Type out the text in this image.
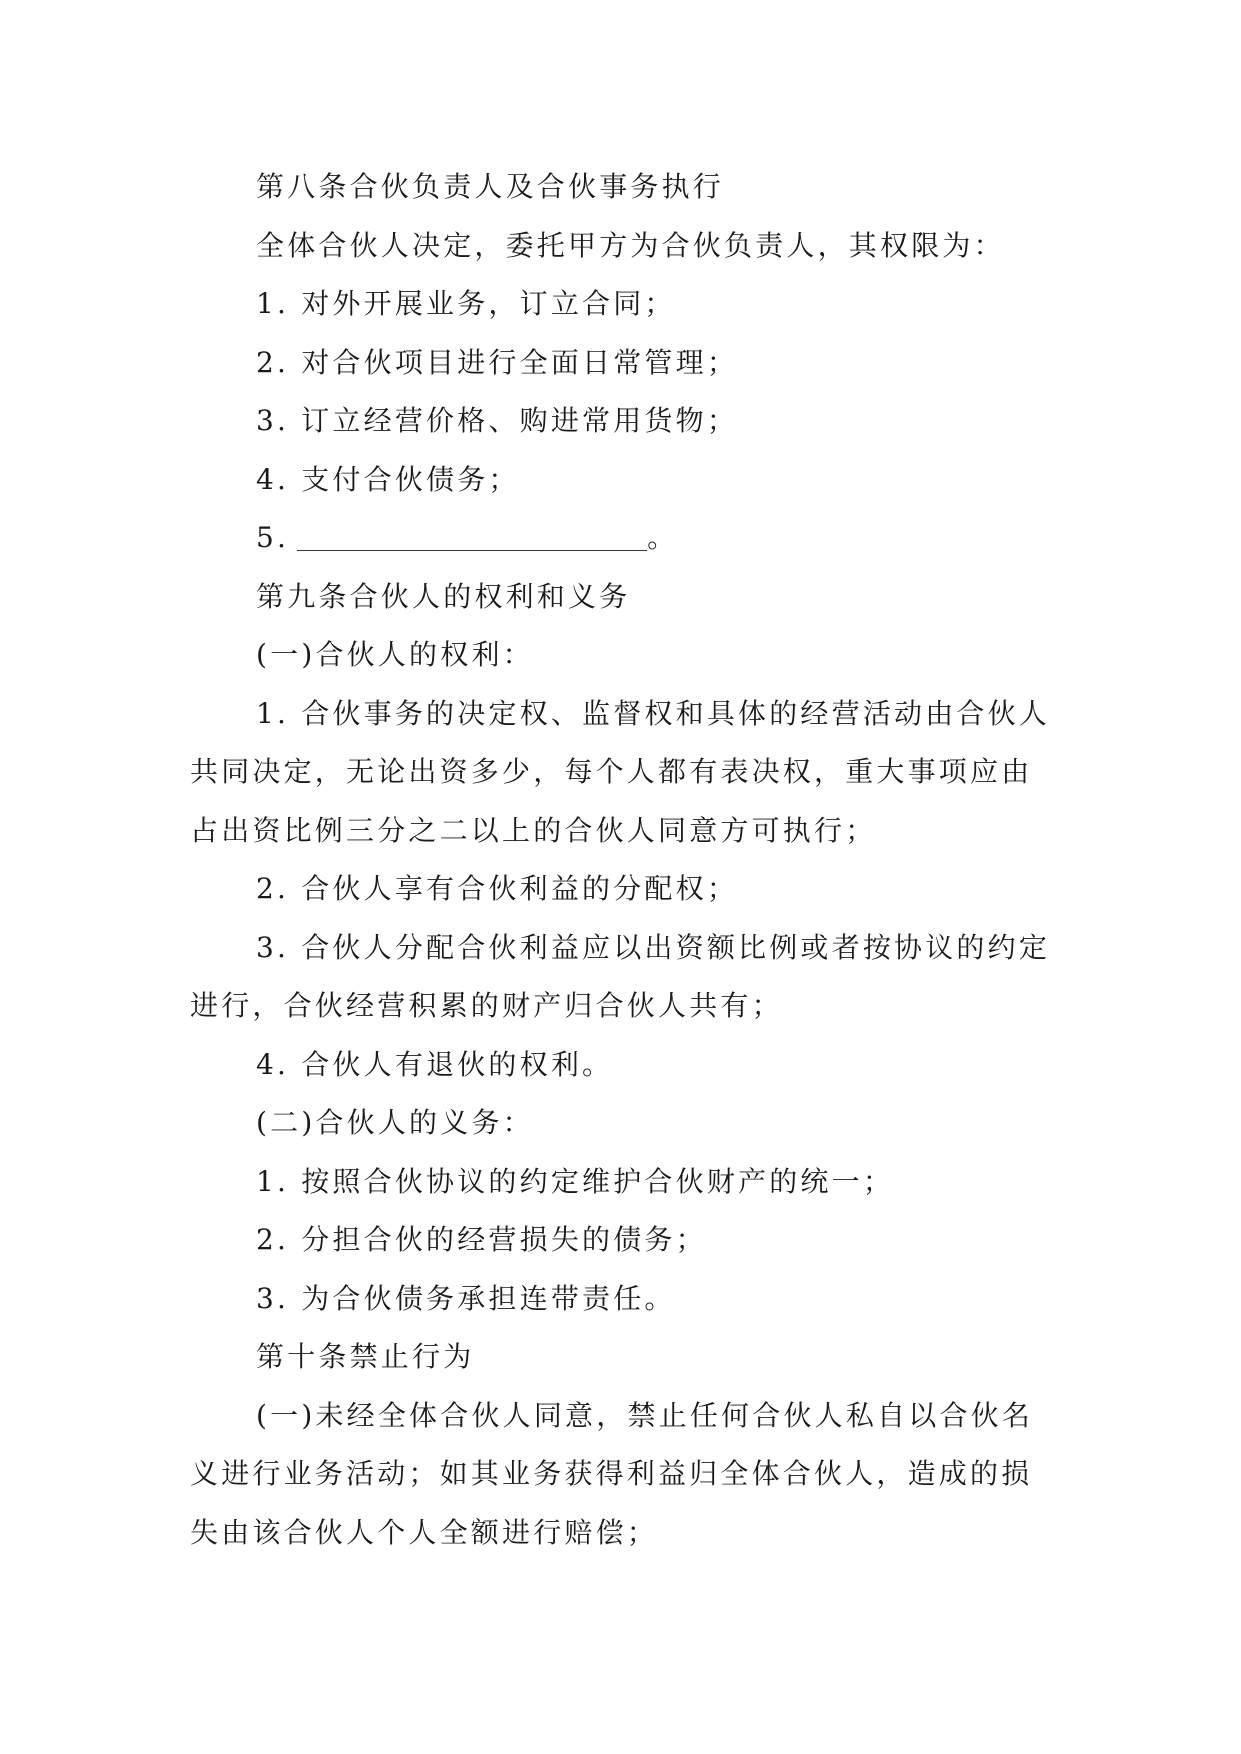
第八条合伙负责人及合伙事务执行

全体合伙人决定，委托甲方为合伙负责人，其权限为：

1. 对外开展业务，订立合同；

2. 对合伙项目进行全面日常管理；

3. 订立经营价格、购进常用货物；

4. 支付合伙债务；

5.	。

第九条合伙人的权利和义务

(一)合伙人的权利：

1. 合伙事务的决定权、监督权和具体的经营活动由合伙人共同决定，无论出资多少，每个人都有表决权，重大事项应由占出资比例三分之二以上的合伙人同意方可执行；

2. 合伙人享有合伙利益的分配权；

3. 合伙人分配合伙利益应以出资额比例或者按协议的约定进行，合伙经营积累的财产归合伙人共有；

4. 合伙人有退伙的权利。

(二)合伙人的义务：

1. 按照合伙协议的约定维护合伙财产的统一；

2. 分担合伙的经营损失的债务；

3. 为合伙债务承担连带责任。

第十条禁止行为

(一)未经全体合伙人同意，禁止任何合伙人私自以合伙名义进行业务活动；如其业务获得利益归全体合伙人，造成的损失由该合伙人个人全额进行赔偿；
